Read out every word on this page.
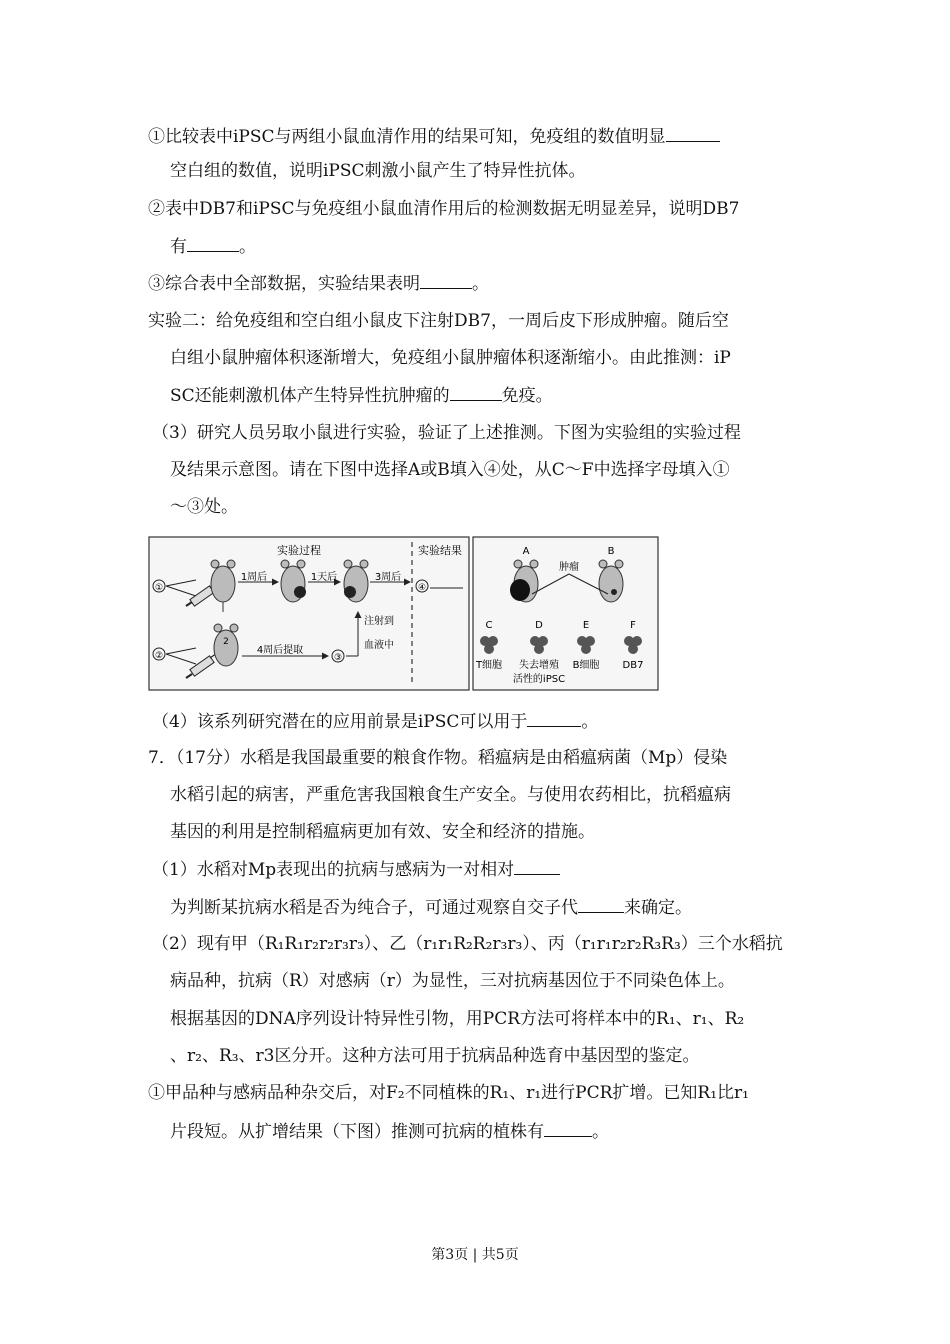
①比较表中iPSC与两组小鼠血清作用的结果可知，免疫组的数值明显
空白组的数值，说明iPSC刺激小鼠产生了特异性抗体。
②表中DB7和iPSC与免疫组小鼠血清作用后的检测数据无明显差异，说明DB7
有	。
③综合表中全部数据，实验结果表明	。
实验二：给免疫组和空白组小鼠皮下注射DB7，一周后皮下形成肿瘤。随后空
白组小鼠肿瘤体积逐渐增大，免疫组小鼠肿瘤体积逐渐缩小。由此推测：iP
SC还能刺激机体产生特异性抗肿瘤的	免疫。
（3）研究人员另取小鼠进行实验，验证了上述推测。下图为实验组的实验过程
及结果示意图。请在下图中选择A或B填入④处，从C～F中选择字母填入①
～③处。
实验过程	实验结果
①
1周后	1天后	3周后
④
②
2
4周后提取
③
注射到
血液中
A	B
肿瘤
C	D	E	F
T细胞 失去增殖
活性的iPSC
B细胞 DB7
（4）该系列研究潜在的应用前景是iPSC可以用于	。
7．（17分）水稻是我国最重要的粮食作物。稻瘟病是由稻瘟病菌（Mp）侵染
水稻引起的病害，严重危害我国粮食生产安全。与使用农药相比，抗稻瘟病
基因的利用是控制稻瘟病更加有效、安全和经济的措施。
（1）水稻对Mp表现出的抗病与感病为一对相对
为判断某抗病水稻是否为纯合子，可通过观察自交子代	来确定。
（2）现有甲（R₁R₁r₂r₂r₃r₃）、乙（r₁r₁R₂R₂r₃r₃）、丙（r₁r₁r₂r₂R₃R₃）三个水稻抗
病品种，抗病（R）对感病（r）为显性，三对抗病基因位于不同染色体上。
根据基因的DNA序列设计特异性引物，用PCR方法可将样本中的R₁、r₁、R₂
、r₂、R₃、r3区分开。这种方法可用于抗病品种选育中基因型的鉴定。
①甲品种与感病品种杂交后，对F₂不同植株的R₁、r₁进行PCR扩增。已知R₁比r₁
片段短。从扩增结果（下图）推测可抗病的植株有	。
第3页 | 共5页
